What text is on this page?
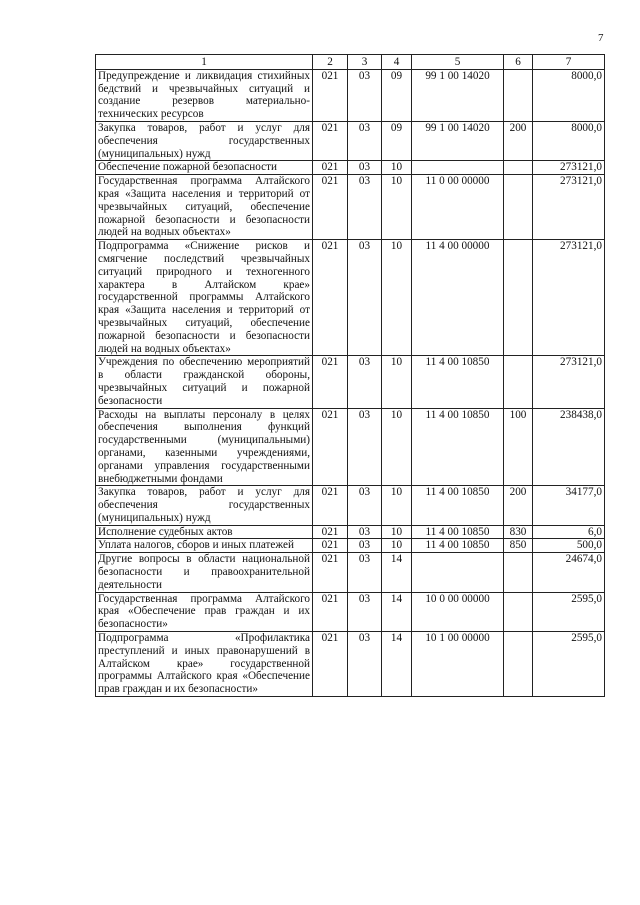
7
1	2	3	4	5	6	7
Предупреждение и ликвидация стихийных бедствий и чрезвычайных ситуаций и создание резервов материально-технических ресурсов	021	03	09	99 1 00 14020		8000,0
Закупка товаров, работ и услуг для обеспечения государственных (муниципальных) нужд	021	03	09	99 1 00 14020	200	8000,0
Обеспечение пожарной безопасности	021	03	10			273121,0
Государственная программа Алтайского края «Защита населения и территорий от чрезвычайных ситуаций, обеспечение пожарной безопасности и безопасности людей на водных объектах»	021	03	10	11 0 00 00000		273121,0
Подпрограмма «Снижение рисков и смягчение последствий чрезвычайных ситуаций природного и техногенного характера в Алтайском крае» государственной программы Алтайского края «Защита населения и территорий от чрезвычайных ситуаций, обеспечение пожарной безопасности и безопасности людей на водных объектах»	021	03	10	11 4 00 00000		273121,0
Учреждения по обеспечению мероприятий в области гражданской обороны, чрезвычайных ситуаций и пожарной безопасности	021	03	10	11 4 00 10850		273121,0
Расходы на выплаты персоналу в целях обеспечения выполнения функций государственными (муниципальными) органами, казенными учреждениями, органами управления государственными внебюджетными фондами	021	03	10	11 4 00 10850	100	238438,0
Закупка товаров, работ и услуг для обеспечения государственных (муниципальных) нужд	021	03	10	11 4 00 10850	200	34177,0
Исполнение судебных актов	021	03	10	11 4 00 10850	830	6,0
Уплата налогов, сборов и иных платежей	021	03	10	11 4 00 10850	850	500,0
Другие вопросы в области национальной безопасности и правоохранительной деятельности	021	03	14			24674,0
Государственная программа Алтайского края «Обеспечение прав граждан и их безопасности»	021	03	14	10 0 00 00000		2595,0
Подпрограмма «Профилактика преступлений и иных правонарушений в Алтайском крае» государственной программы Алтайского края «Обеспечение прав граждан и их безопасности»	021	03	14	10 1 00 00000		2595,0
